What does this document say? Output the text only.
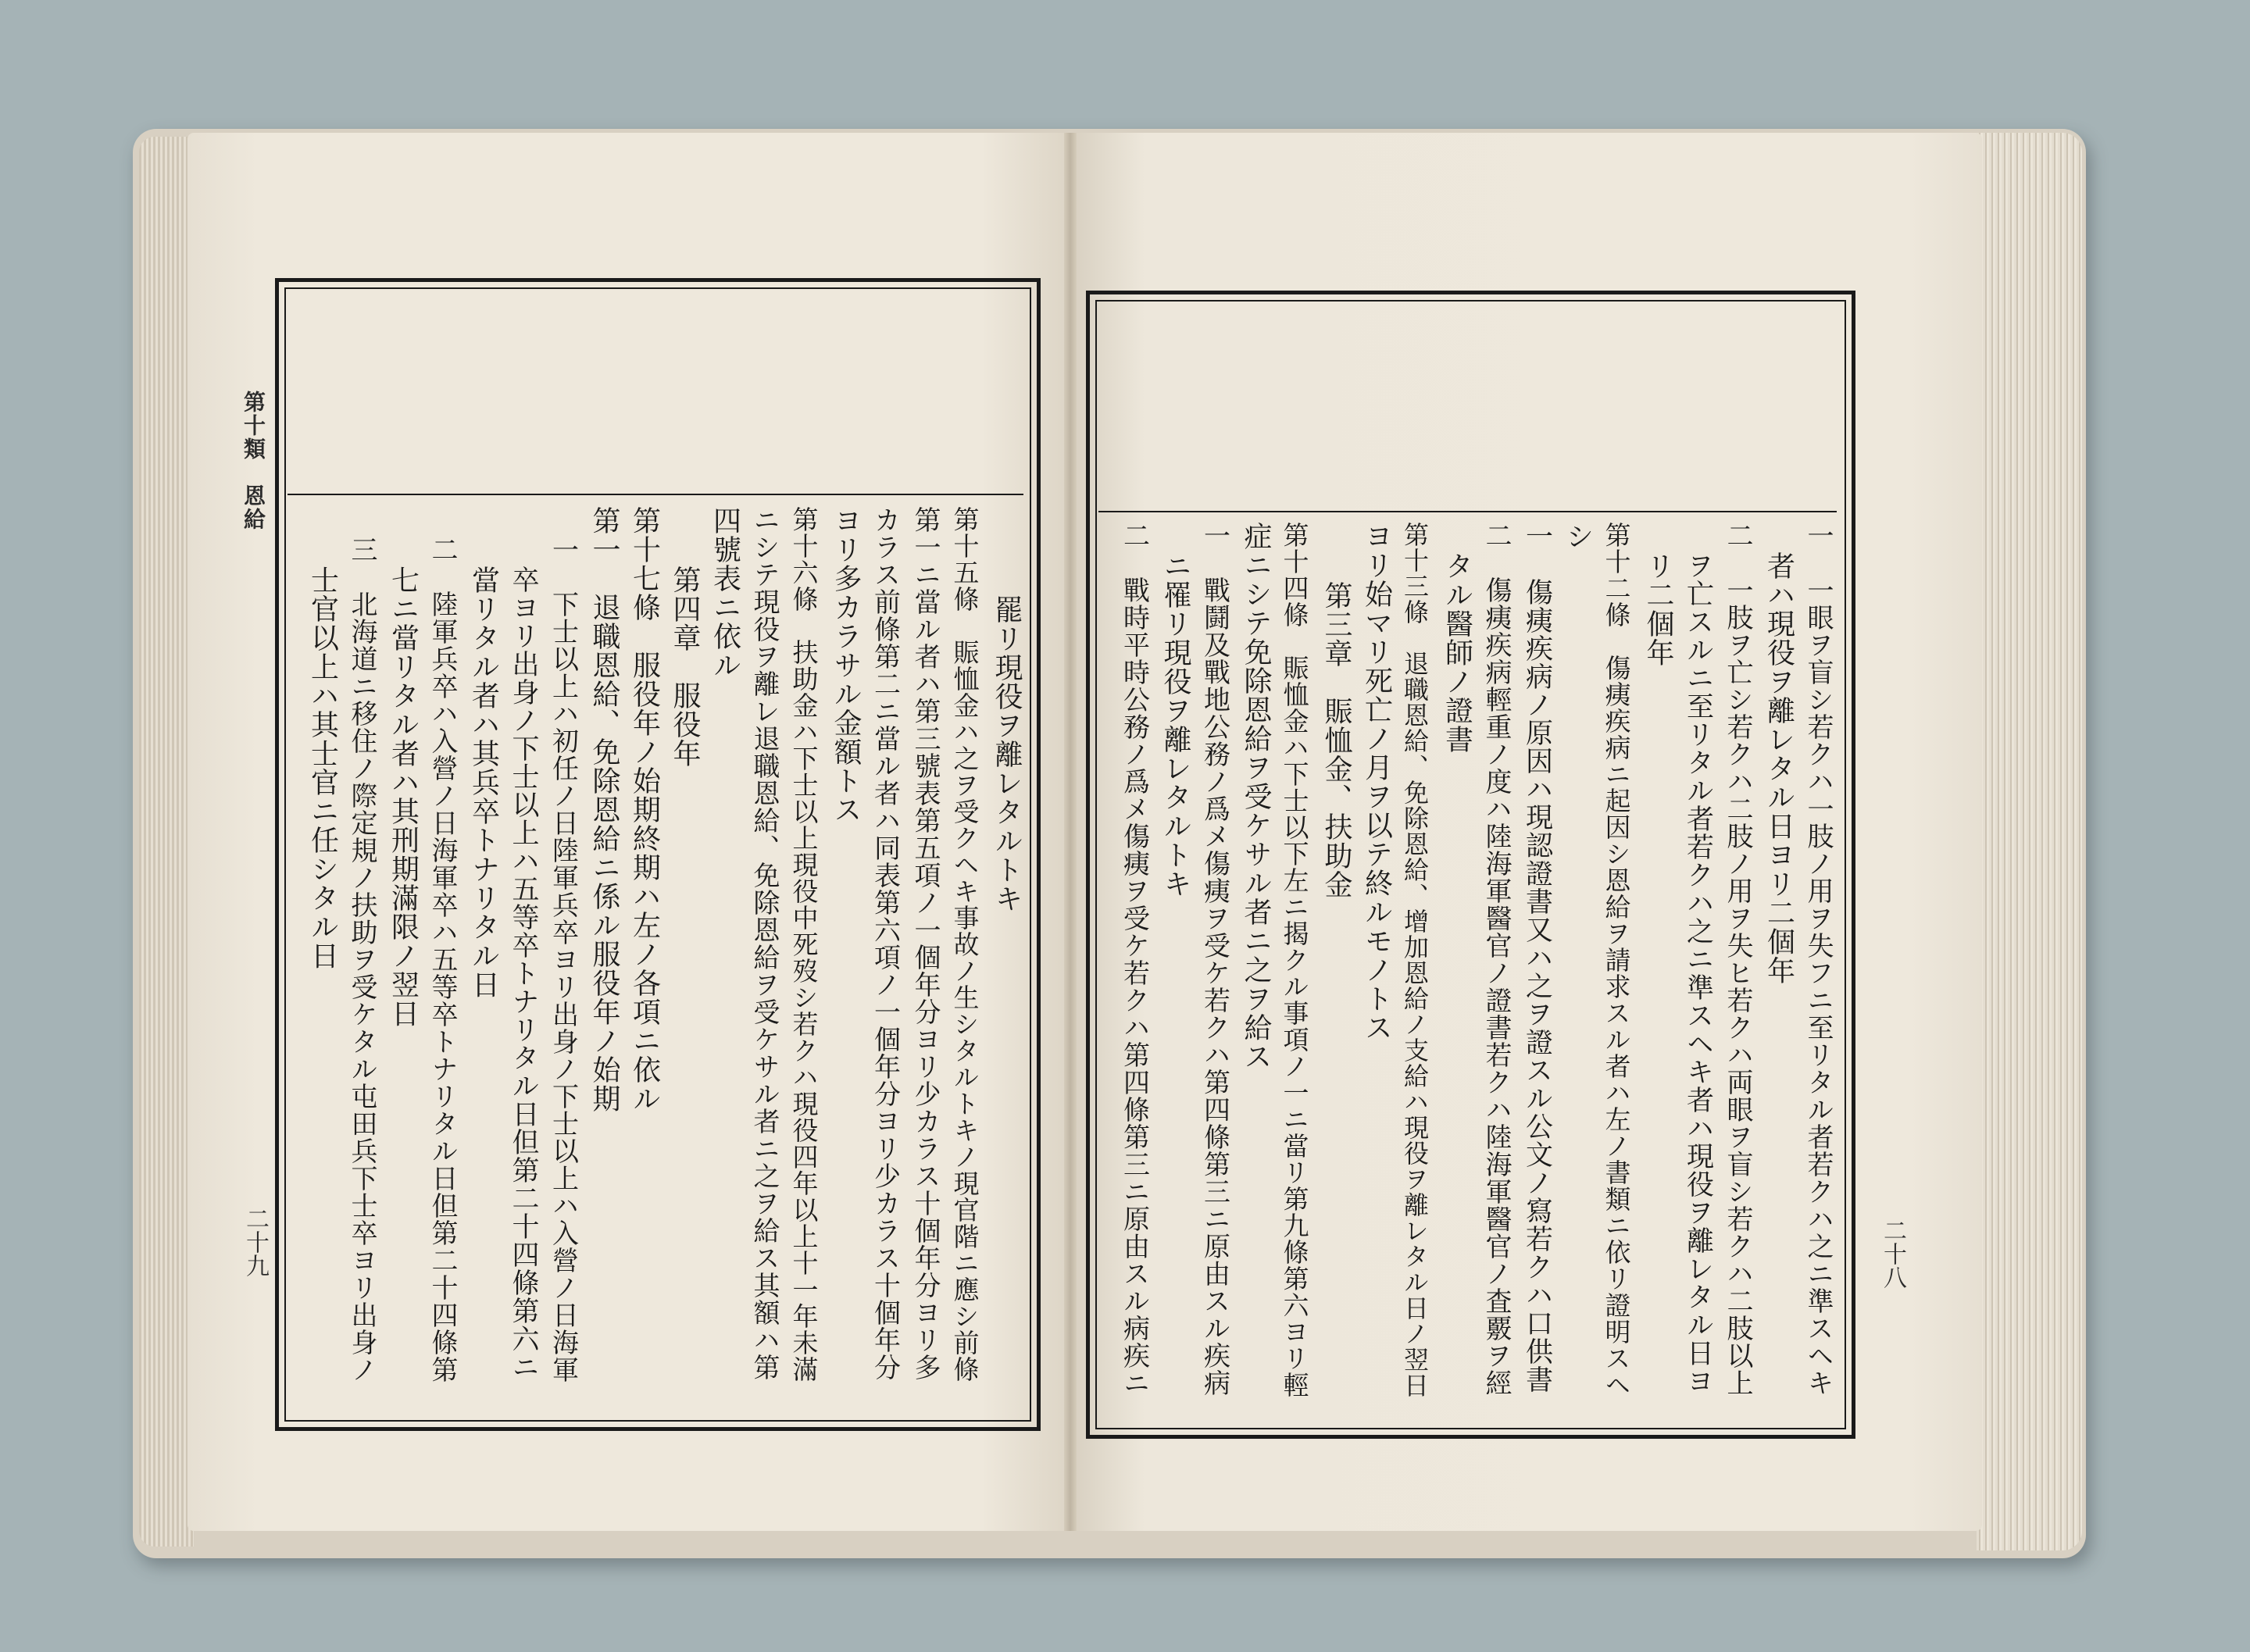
第十類　恩給
二十九
罷リ現役ヲ離レタルトキ
第十五條　賑恤金ハ之ヲ受クヘキ事故ノ生シタルトキノ現官階ニ應シ前條
第一ニ當ル者ハ第三號表第五項ノ一個年分ヨリ少カラス十個年分ヨリ多
カラス前條第二ニ當ル者ハ同表第六項ノ一個年分ヨリ少カラス十個年分
ヨリ多カラサル金額トス
第十六條　扶助金ハ下士以上現役中死歿シ若クハ現役四年以上十一年未滿
ニシテ現役ヲ離レ退職恩給、免除恩給ヲ受ケサル者ニ之ヲ給ス其額ハ第
四號表ニ依ル
第四章　服役年
第十七條　服役年ノ始期終期ハ左ノ各項ニ依ル
第一　退職恩給、免除恩給ニ係ル服役年ノ始期
一　下士以上ハ初任ノ日陸軍兵卒ヨリ出身ノ下士以上ハ入營ノ日海軍
卒ヨリ出身ノ下士以上ハ五等卒トナリタル日但第二十四條第六ニ
當リタル者ハ其兵卒トナリタル日
二　陸軍兵卒ハ入營ノ日海軍卒ハ五等卒トナリタル日但第二十四條第
七ニ當リタル者ハ其刑期滿限ノ翌日
三　北海道ニ移住ノ際定規ノ扶助ヲ受ケタル屯田兵下士卒ヨリ出身ノ
士官以上ハ其士官ニ任シタル日
二十八
一　一眼ヲ盲シ若クハ一肢ノ用ヲ失フニ至リタル者若クハ之ニ準スヘキ
者ハ現役ヲ離レタル日ヨリ二個年
二　一肢ヲ亡シ若クハ二肢ノ用ヲ失ヒ若クハ両眼ヲ盲シ若クハ二肢以上
ヲ亡スルニ至リタル者若クハ之ニ準スヘキ者ハ現役ヲ離レタル日ヨ
リ二個年
第十二條　傷痍疾病ニ起因シ恩給ヲ請求スル者ハ左ノ書類ニ依リ證明スヘ
シ
一　傷痍疾病ノ原因ハ現認證書又ハ之ヲ證スル公文ノ寫若クハ口供書
二　傷痍疾病輕重ノ度ハ陸海軍醫官ノ證書若クハ陸海軍醫官ノ査覈ヲ經
タル醫師ノ證書
第十三條　退職恩給、免除恩給、增加恩給ノ支給ハ現役ヲ離レタル日ノ翌日
ヨリ始マリ死亡ノ月ヲ以テ終ルモノトス
第三章　賑恤金、扶助金
第十四條　賑恤金ハ下士以下左ニ揭クル事項ノ一ニ當リ第九條第六ヨリ輕
症ニシテ免除恩給ヲ受ケサル者ニ之ヲ給ス
一　戰鬪及戰地公務ノ爲メ傷痍ヲ受ケ若クハ第四條第三ニ原由スル疾病
ニ罹リ現役ヲ離レタルトキ
二　戰時平時公務ノ爲メ傷痍ヲ受ケ若クハ第四條第三ニ原由スル病疾ニ
